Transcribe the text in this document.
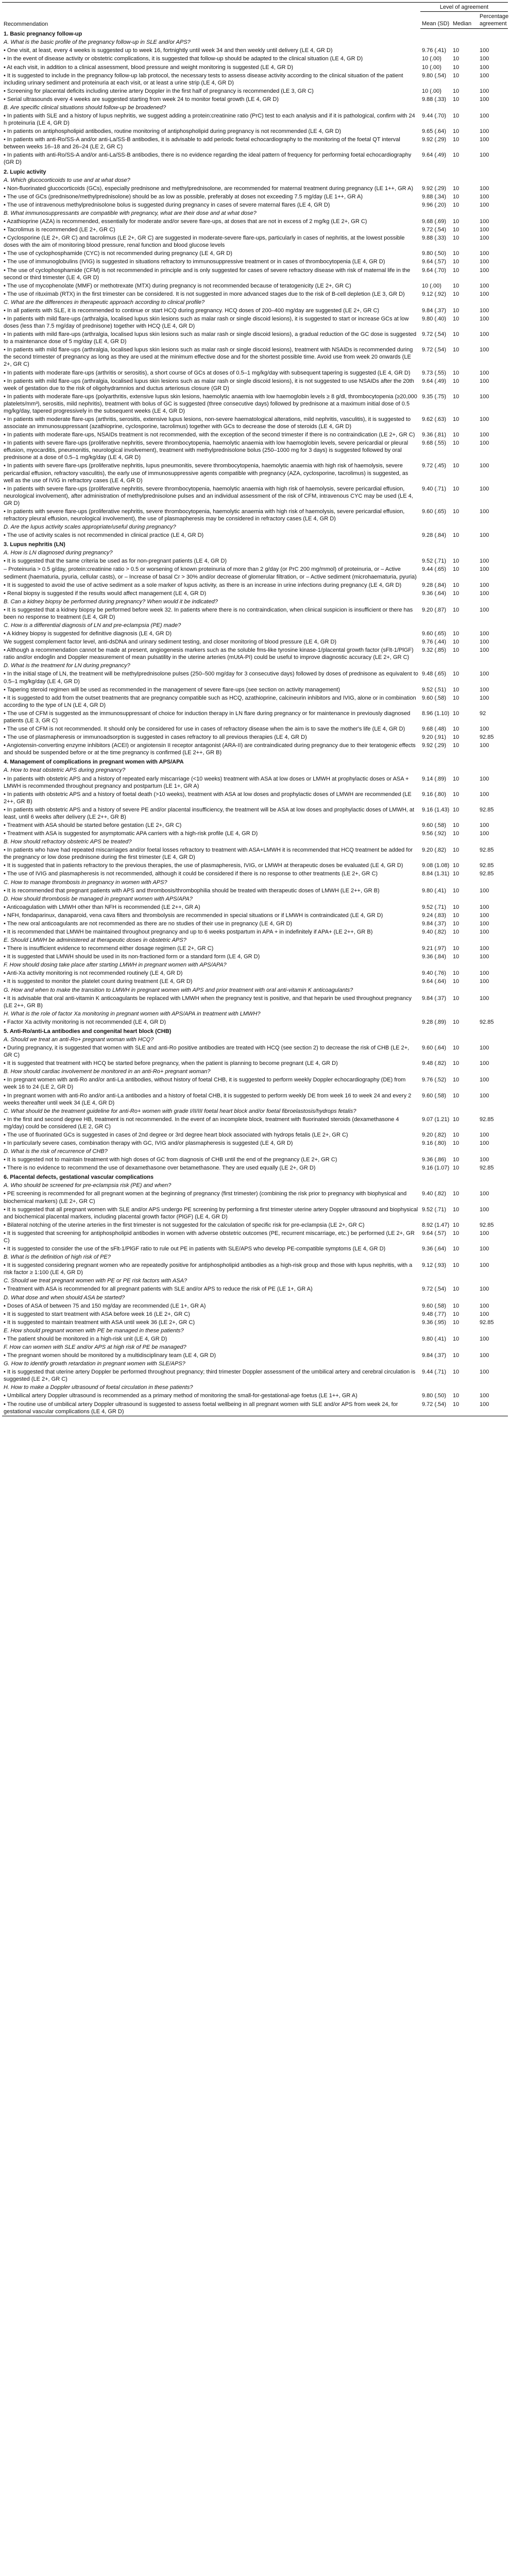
Recommendation	Level of agreement		
	Mean (SD)	Median	Percentage agreement
1. Basic pregnancy follow-up			
A. What is the basic profile of the pregnancy follow-up in SLE and/or APS?			
• One visit, at least, every 4 weeks is suggested up to week 16, fortnightly until week 34 and then weekly until delivery (LE 4, GR D)	9.76 (.41)	10	100
• In the event of disease activity or obstetric complications, it is suggested that follow-up should be adapted to the clinical situation (LE 4, GR D)	10 (.00)	10	100
• At each visit, in addition to a clinical assessment, blood pressure and weight monitoring is suggested (LE 4, GR D)	10 (.00)	10	100
• It is suggested to include in the pregnancy follow-up lab protocol, the necessary tests to assess disease activity according to the clinical situation of the patient including urinary sediment and proteinuria at each visit, or at least a urine strip (LE 4, GR D)	9.80 (.54)	10	100
• Screening for placental deficits including uterine artery Doppler in the first half of pregnancy is recommended (LE 3, GR C)	10 (.00)	10	100
• Serial ultrasounds every 4 weeks are suggested starting from week 24 to monitor foetal growth (LE 4, GR D)	9.88 (.33)	10	100
B. Are specific clinical situations should follow-up be broadened?			
• In patients with SLE and a history of lupus nephritis, we suggest adding a protein:creatinine ratio (PrC) test to each analysis and if it is pathological, confirm with 24 h proteinuria (LE 4, GR D)	9.44 (.70)	10	100
• In patients on antiphospholipid antibodies, routine monitoring of antiphospholipid during pregnancy is not recommended (LE 4, GR D)	9.65 (.64)	10	100
• In patients with anti-Ro/SS-A and/or anti-La/SS-B antibodies, it is advisable to add periodic foetal echocardiography to the monitoring of the foetal QT interval between weeks 16–18 and 26–24 (LE 2, GR C)	9.92 (.29)	10	100
• In patients with anti-Ro/SS-A and/or anti-La/SS-B antibodies, there is no evidence regarding the ideal pattern of frequency for performing foetal echocardiography (GR D)	9.64 (.49)	10	100
2. Lupic activity			
A. Which glucocorticoids to use and at what dose?			
• Non-fluorinated glucocorticoids (GCs), especially prednisone and methylprednisolone, are recommended for maternal treatment during pregnancy (LE 1++, GR A)	9.92 (.29)	10	100
• The use of GCs (prednisone/methylprednisolone) should be as low as possible, preferably at doses not exceeding 7.5 mg/day (LE 1++, GR A)	9.88 (.34)	10	100
• The use of intravenous methylprednisolone bolus is suggested during pregnancy in cases of severe maternal flares (LE 4, GR D)	9.96 (.20)	10	100
B. What immunosuppressants are compatible with pregnancy, what are their dose and at what dose?			
• Azathioprine (AZA) is recommended, essentially for moderate and/or severe flare-ups, at doses that are not in excess of 2 mg/kg (LE 2+, GR C)	9.68 (.69)	10	100
• Tacrolimus is recommended (LE 2+, GR C)	9.72 (.54)	10	100
• Cyclosporine (LE 2+, GR C) and tacrolimus (LE 2+, GR C) are suggested in moderate-severe flare-ups, particularly in cases of nephritis, at the lowest possible doses with the aim of monitoring blood pressure, renal function and blood glucose levels	9.88 (.33)	10	100
• The use of cyclophosphamide (CYC) is not recommended during pregnancy (LE 4, GR D)	9.80 (.50)	10	100
• The use of immunoglobulins (IVIG) is suggested in situations refractory to immunosuppressive treatment or in cases of thrombocytopenia (LE 4, GR D)	9.64 (.57)	10	100
• The use of cyclophosphamide (CFM) is not recommended in principle and is only suggested for cases of severe refractory disease with risk of maternal life in the second or third trimester (LE 4, GR D)	9.64 (.70)	10	100
• The use of mycophenolate (MMF) or methotrexate (MTX) during pregnancy is not recommended because of teratogenicity (LE 2+, GR C)	10 (.00)	10	100
• The use of rituximab (RTX) in the first trimester can be considered. It is not suggested in more advanced stages due to the risk of B-cell depletion (LE 3, GR D)	9.12 (.92)	10	100
C. What are the differences in therapeutic approach according to clinical profile?			
• In all patients with SLE, it is recommended to continue or start HCQ during pregnancy. HCQ doses of 200–400 mg/day are suggested (LE 2+, GR C)	9.84 (.37)	10	100
• In patients with mild flare-ups (arthralgia, localised lupus skin lesions such as malar rash or single discoid lesions), it is suggested to start or increase GCs at low doses (less than 7.5 mg/day of prednisone) together with HCQ (LE 4, GR D)	9.80 (.40)	10	100
• In patients with mild flare-ups (arthralgia, localised lupus skin lesions such as malar rash or single discoid lesions), a gradual reduction of the GC dose is suggested to a maintenance dose of 5 mg/day (LE 4, GR D)	9.72 (.54)	10	100
• In patients with mild flare-ups (arthralgia, localised lupus skin lesions such as malar rash or single discoid lesions), treatment with NSAIDs is recommended during the second trimester of pregnancy as long as they are used at the minimum effective dose and for the shortest possible time. Avoid use from week 20 onwards (LE 2+, GR C)	9.72 (.54)	10	100
• In patients with moderate flare-ups (arthritis or serositis), a short course of GCs at doses of 0.5–1 mg/kg/day with subsequent tapering is suggested (LE 4, GR D)	9.73 (.55)	10	100
• In patients with mild flare-ups (arthralgia, localised lupus skin lesions such as malar rash or single discoid lesions), it is not suggested to use NSAIDs after the 20th week of gestation due to the risk of oligohydramnios and ductus arteriosus closure (GR D)	9.64 (.49)	10	100
• In patients with moderate flare-ups (polyarthritis, extensive lupus skin lesions, haemolytic anaemia with low haemoglobin levels ≥ 8 g/dl, thrombocytopenia (≥20,000 platelets/mm³), serositis, mild nephritis), treatment with bolus of GC is suggested (three consecutive days) followed by prednisone at a maximum initial dose of 0.5 mg/kg/day, tapered progressively in the subsequent weeks (LE 4, GR D)	9.35 (.75)	10	100
• In patients with moderate flare-ups (arthritis, serositis, extensive lupus lesions, non-severe haematological alterations, mild nephritis, vasculitis), it is suggested to associate an immunosuppressant (azathioprine, cyclosporine, tacrolimus) together with GCs to decrease the dose of steroids (LE 4, GR D)	9.62 (.63)	10	100
• In patients with moderate flare-ups, NSAIDs treatment is not recommended, with the exception of the second trimester if there is no contraindication (LE 2+, GR C)	9.36 (.81)	10	100
• In patients with severe flare-ups (proliferative nephritis, severe thrombocytopenia, haemolytic anaemia with low haemoglobin levels, severe pericardial or pleural effusion, myocarditis, pneumonitis, neurological involvement), treatment with methylprednisolone bolus (250–1000 mg for 3 days) is suggested followed by oral prednisone at a dose of 0.5–1 mg/kg/day (LE 4, GR D)	9.68 (.55)	10	100
• In patients with severe flare-ups (proliferative nephritis, lupus pneumonitis, severe thrombocytopenia, haemolytic anaemia with high risk of haemolysis, severe pericardial effusion, refractory vasculitis), the early use of immunosuppressive agents compatible with pregnancy (AZA, cyclosporine, tacrolimus) is suggested, as well as the use of IVIG in refractory cases (LE 4, GR D)	9.72 (.45)	10	100
• In patients with severe flare-ups (proliferative nephritis, severe thrombocytopenia, haemolytic anaemia with high risk of haemolysis, severe pericardial effusion, neurological involvement), after administration of methylprednisolone pulses and an individual assessment of the risk of CFM, intravenous CYC may be used (LE 4, GR D)	9.40 (.71)	10	100
• In patients with severe flare-ups (proliferative nephritis, severe thrombocytopenia, haemolytic anaemia with high risk of haemolysis, severe pericardial effusion, refractory pleural effusion, neurological involvement), the use of plasmapheresis may be considered in refractory cases (LE 4, GR D)	9.60 (.65)	10	100
D. Are the lupus activity scales appropriate/useful during pregnancy?			
• The use of activity scales is not recommended in clinical practice (LE 4, GR D)	9.28 (.84)	10	100
3. Lupus nephritis (LN)			
A. How is LN diagnosed during pregnancy?			
• It is suggested that the same criteria be used as for non-pregnant patients (LE 4, GR D)	9.52 (.71)	10	100
– Proteinuria > 0.5 g/day, protein:creatinine ratio > 0.5 or worsening of known proteinuria of more than 2 g/day (or PrC 200 mg/mmol) of proteinuria, or – Active sediment (haematuria, pyuria, cellular casts), or – Increase of basal Cr > 30% and/or decrease of glomerular filtration, or – Active sediment (microhaematuria, pyuria)	9.44 (.65)	10	100
• It is suggested to avoid the use of active sediment as a sole marker of lupus activity, as there is an increase in urine infections during pregnancy (LE 4, GR D)	9.28 (.84)	10	100
• Renal biopsy is suggested if the results would affect management (LE 4, GR D)	9.36 (.64)	10	100
B. Can a kidney biopsy be performed during pregnancy? When would it be indicated?			
• It is suggested that a kidney biopsy be performed before week 32. In patients where there is no contraindication, when clinical suspicion is insufficient or there has been no response to treatment (LE 4, GR D)	9.20 (.87)	10	100
C. How is a differential diagnosis of LN and pre-eclampsia (PE) made?			
• A kidney biopsy is suggested for definitive diagnosis (LE 4, GR D)	9.60 (.65)	10	100
We suggest complement factor level, anti-dsDNA and urinary sediment testing, and closer monitoring of blood pressure (LE 4, GR D)	9.76 (.44)	10	100
• Although a recommendation cannot be made at present, angiogenesis markers such as the soluble fms-like tyrosine kinase-1/placental growth factor (sFlt-1/PlGF) ratio and/or endoglin and Doppler measurement of mean pulsatility in the uterine arteries (mUtA-PI) could be useful to improve diagnostic accuracy (LE 2+, GR C)	9.32 (.85)	10	100
D. What is the treatment for LN during pregnancy?			
• In the initial stage of LN, the treatment will be methylprednisolone pulses (250–500 mg/day for 3 consecutive days) followed by doses of prednisone as equivalent to 0.5–1 mg/kg/day (LE 4, GR D)	9.48 (.65)	10	100
• Tapering steroid regimen will be used as recommended in the management of severe flare-ups (see section on activity management)	9.52 (.51)	10	100
• It is suggested to add from the outset treatments that are pregnancy compatible such as HCQ, azathioprine, calcineurin inhibitors and IVIG, alone or in combination according to the type of LN (LE 4, GR D)	9.60 (.58)	10	100
• The use of CFM is suggested as the immunosuppressant of choice for induction therapy in LN flare during pregnancy or for maintenance in previously diagnosed patients (LE 3, GR C)	8.96 (1.10)	10	92
• The use of CFM is not recommended. It should only be considered for use in cases of refractory disease when the aim is to save the mother's life (LE 4, GR D)	9.68 (.48)	10	100
• The use of plasmapheresis or immunoadsorption is suggested in cases refractory to all previous therapies (LE 4, GR D)	9.20 (.91)	10	92.85
• Angiotensin-converting enzyme inhibitors (ACEI) or angiotensin II receptor antagonist (ARA-II) are contraindicated during pregnancy due to their teratogenic effects and should be suspended before or at the time pregnancy is confirmed (LE 2++, GR B)	9.92 (.29)	10	100
4. Management of complications in pregnant women with APS/APA			
A. How to treat obstetric APS during pregnancy?			
• In patients with obstetric APS and a history of repeated early miscarriage (<10 weeks) treatment with ASA at low doses or LMWH at prophylactic doses or ASA + LMWH is recommended throughout pregnancy and postpartum (LE 1+, GR A)	9.14 (.89)	10	100
• In patients with obstetric APS and a history of foetal death (>10 weeks), treatment with ASA at low doses and prophylactic doses of LMWH are recommended (LE 2++, GR B)	9.16 (.80)	10	100
• In patients with obstetric APS and a history of severe PE and/or placental insufficiency, the treatment will be ASA at low doses and prophylactic doses of LMWH, at least, until 6 weeks after delivery (LE 2++, GR B)	9.16 (1.43)	10	92.85
• Treatment with ASA should be started before gestation (LE 2+, GR C)	9.60 (.58)	10	100
• Treatment with ASA is suggested for asymptomatic APA carriers with a high-risk profile (LE 4, GR D)	9.56 (.92)	10	100
B. How should refractory obstetric APS be treated?			
• In patients who have had repeated miscarriages and/or foetal losses refractory to treatment with ASA+LMWH it is recommended that HCQ treatment be added for the pregnancy or low dose prednisone during the first trimester (LE 4, GR D)	9.20 (.82)	10	92.85
• It is suggested that in patients refractory to the previous therapies, the use of plasmapheresis, IVIG, or LMWH at therapeutic doses be evaluated (LE 4, GR D)	9.08 (1.08)	10	92.85
• The use of IVIG and plasmapheresis is not recommended, although it could be considered if there is no response to other treatments (LE 2+, GR C)	8.84 (1.31)	10	92.85
C. How to manage thrombosis in pregnancy in women with APS?			
• It is recommended that pregnant patients with APS and thrombosis/thrombophilia should be treated with therapeutic doses of LMWH (LE 2++, GR B)	9.80 (.41)	10	100
D. How should thrombosis be managed in pregnant women with APS/APA?			
• Anticoagulation with LMWH other than NFH is recommended (LE 2++, GR A)	9.52 (.71)	10	100
• NFH, fondaparinux, danaparoid, vena cava filters and thrombolysis are recommended in special situations or if LMWH is contraindicated (LE 4, GR D)	9.24 (.83)	10	100
• The new oral anticoagulants are not recommended as there are no studies of their use in pregnancy (LE 4, GR D)	9.84 (.37)	10	100
• It is recommended that LMWH be maintained throughout pregnancy and up to 6 weeks postpartum in APA + in indefinitely if APA+ (LE 2++, GR B)	9.40 (.82)	10	100
E. Should LMWH be administered at therapeutic doses in obstetric APS?			
• There is insufficient evidence to recommend either dosage regimen (LE 2+, GR C)	9.21 (.97)	10	100
• It is suggested that LMWH should be used in its non-fractioned form or a standard form (LE 4, GR D)	9.36 (.84)	10	100
F. How should dosing take place after starting LMWH in pregnant women with APS/APA?			
• Anti-Xa activity monitoring is not recommended routinely (LE 4, GR D)	9.40 (.76)	10	100
• It is suggested to monitor the platelet count during treatment (LE 4, GR D)	9.64 (.64)	10	100
G. How and when to make the transition to LMWH in pregnant women with APS and prior treatment with oral anti-vitamin K anticoagulants?			
• It is advisable that oral anti-vitamin K anticoagulants be replaced with LMWH when the pregnancy test is positive, and that heparin be used throughout pregnancy (LE 2++, GR B)	9.84 (.37)	10	100
H. What is the role of factor Xa monitoring in pregnant women with APS/APA in treatment with LMWH?			
• Factor Xa activity monitoring is not recommended (LE 4, GR D)	9.28 (.89)	10	92.85
5. Anti-Ro/anti-La antibodies and congenital heart block (CHB)			
A. Should we treat an anti-Ro+ pregnant woman with HCQ?			
• During pregnancy, it is suggested that women with SLE and anti-Ro positive antibodies are treated with HCQ (see section 2) to decrease the risk of CHB (LE 2+, GR C)	9.60 (.64)	10	100
• It is suggested that treatment with HCQ be started before pregnancy, when the patient is planning to become pregnant (LE 4, GR D)	9.48 (.82)	10	100
B. How should cardiac involvement be monitored in an anti-Ro+ pregnant woman?			
• In pregnant women with anti-Ro and/or anti-La antibodies, without history of foetal CHB, it is suggested to perform weekly Doppler echocardiography (DE) from week 16 to 24 (LE 2, GR D)	9.76 (.52)	10	100
• In pregnant women with anti-Ro and/or anti-La antibodies and a history of foetal CHB, it is suggested to perform weekly DE from week 16 to week 24 and every 2 weeks thereafter until week 34 (LE 4, GR D)	9.60 (.58)	10	100
C. What should be the treatment guideline for anti-Ro+ women with grade I/II/III foetal heart block and/or foetal fibroelastosis/hydrops fetalis?			
• In the first and second degree HB, treatment is not recommended. In the event of an incomplete block, treatment with fluorinated steroids (dexamethasone 4 mg/day) could be considered (LE 2, GR C)	9.07 (1.21)	10	92.85
• The use of fluorinated GCs is suggested in cases of 2nd degree or 3rd degree heart block associated with hydrops fetalis (LE 2+, GR C)	9.20 (.82)	10	100
• In particularly severe cases, combination therapy with GC, IVIG and/or plasmapheresis is suggested (LE 4, GR D)	9.16 (.80)	10	100
D. What is the risk of recurrence of CHB?			
• It is suggested not to maintain treatment with high doses of GC from diagnosis of CHB until the end of the pregnancy (LE 2+, GR C)	9.36 (.86)	10	100
• There is no evidence to recommend the use of dexamethasone over betamethasone. They are used equally (LE 2+, GR D)	9.16 (1.07)	10	92.85
6. Placental defects, gestational vascular complications			
A. Who should be screened for pre-eclampsia risk (PE) and when?			
• PE screening is recommended for all pregnant women at the beginning of pregnancy (first trimester) (combining the risk prior to pregnancy with biophysical and biochemical markers) (LE 2+, GR C)	9.40 (.82)	10	100
• It is suggested that all pregnant women with SLE and/or APS undergo PE screening by performing a first trimester uterine artery Doppler ultrasound and biophysical and biochemical placental markers, including placental growth factor (PlGF) (LE 4, GR D)	9.52 (.71)	10	100
• Bilateral notching of the uterine arteries in the first trimester is not suggested for the calculation of specific risk for pre-eclampsia (LE 2+, GR C)	8.92 (1.47)	10	92.85
• It is suggested that screening for antiphospholipid antibodies in women with adverse obstetric outcomes (PE, recurrent miscarriage, etc.) be performed (LE 2+, GR C)	9.64 (.57)	10	100
• It is suggested to consider the use of the sFlt-1/PlGF ratio to rule out PE in patients with SLE/APS who develop PE-compatible symptoms (LE 4, GR D)	9.36 (.64)	10	100
B. What is the definition of high risk of PE?			
• It is suggested considering pregnant women who are repeatedly positive for antiphospholipid antibodies as a high-risk group and those with lupus nephritis, with a risk factor ≥ 1:100 (LE 4, GR D)	9.12 (.93)	10	100
C. Should we treat pregnant women with PE or PE risk factors with ASA?			
• Treatment with ASA is recommended for all pregnant patients with SLE and/or APS to reduce the risk of PE (LE 1+, GR A)	9.72 (.54)	10	100
D. What dose and when should ASA be started?			
• Doses of ASA of between 75 and 150 mg/day are recommended (LE 1+, GR A)	9.60 (.58)	10	100
• It is suggested to start treatment with ASA before week 16 (LE 2+, GR C)	9.48 (.77)	10	100
• It is suggested to maintain treatment with ASA until week 36 (LE 2+, GR C)	9.36 (.95)	10	92.85
E. How should pregnant women with PE be managed in these patients?			
• The patient should be monitored in a high-risk unit (LE 4, GR D)	9.80 (.41)	10	100
F. How can women with SLE and/or APS at high risk of PE be managed?			
• The pregnant women should be monitored by a multidisciplinary team (LE 4, GR D)	9.84 (.37)	10	100
G. How to identify growth retardation in pregnant women with SLE/APS?			
• It is suggested that uterine artery Doppler be performed throughout pregnancy; third trimester Doppler assessment of the umbilical artery and cerebral circulation is suggested (LE 2+, GR C)	9.44 (.71)	10	100
H. How to make a Doppler ultrasound of foetal circulation in these patients?			
• Umbilical artery Doppler ultrasound is recommended as a primary method of monitoring the small-for-gestational-age foetus (LE 1++, GR A)	9.80 (.50)	10	100
• The routine use of umbilical artery Doppler ultrasound is suggested to assess foetal wellbeing in all pregnant women with SLE and/or APS from week 24, for gestational vascular complications (LE 4, GR D)	9.72 (.54)	10	100
